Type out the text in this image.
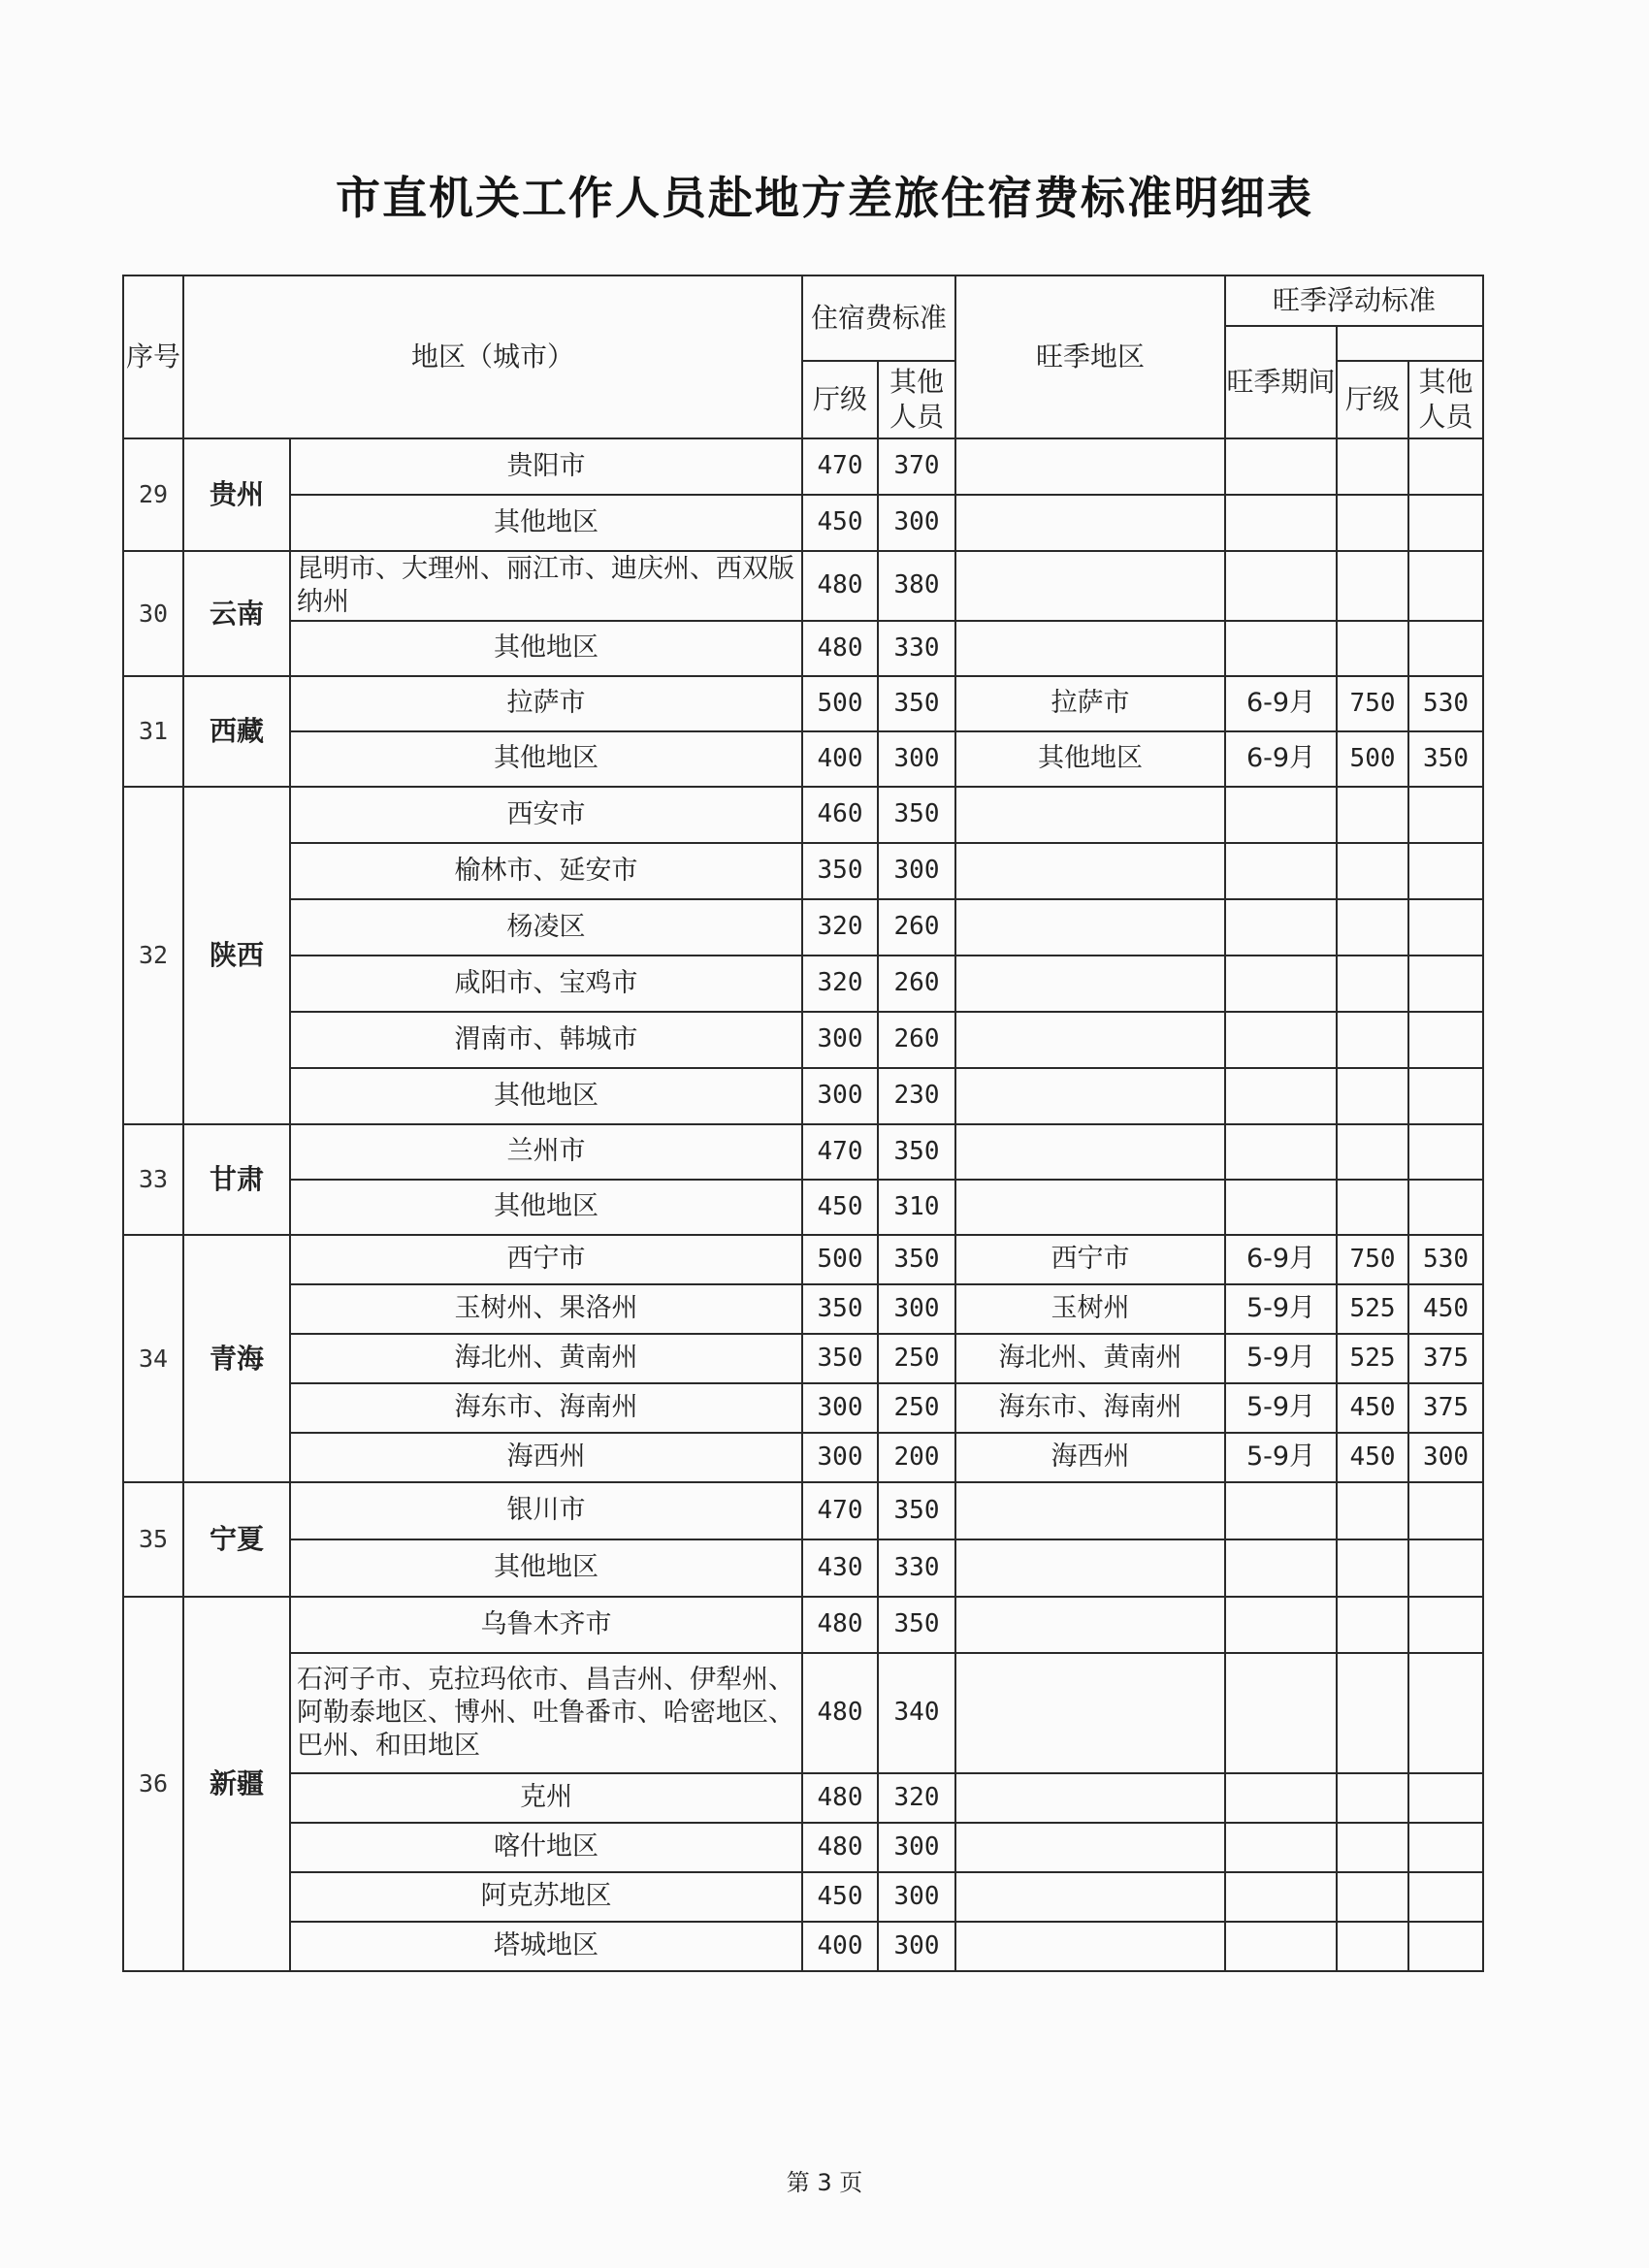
市直机关工作人员赴地方差旅住宿费标准明细表
序号	地区（城市）		住宿费标准		旺季地区	旺季浮动标准		
						旺季期间		
			厅级	其他人员			厅级	其他人员
29	贵州	贵阳市	470	370				
		其他地区	450	300				
30	云南	昆明市、大理州、丽江市、迪庆州、西双版纳州	480	380				
		其他地区	480	330				
31	西藏	拉萨市	500	350	拉萨市	6-9月	750	530
		其他地区	400	300	其他地区	6-9月	500	350
32	陕西	西安市	460	350				
		榆林市、延安市	350	300				
		杨凌区	320	260				
		咸阳市、宝鸡市	320	260				
		渭南市、韩城市	300	260				
		其他地区	300	230				
33	甘肃	兰州市	470	350				
		其他地区	450	310				
34	青海	西宁市	500	350	西宁市	6-9月	750	530
		玉树州、果洛州	350	300	玉树州	5-9月	525	450
		海北州、黄南州	350	250	海北州、黄南州	5-9月	525	375
		海东市、海南州	300	250	海东市、海南州	5-9月	450	375
		海西州	300	200	海西州	5-9月	450	300
35	宁夏	银川市	470	350				
		其他地区	430	330				
36	新疆	乌鲁木齐市	480	350				
		石河子市、克拉玛依市、昌吉州、伊犁州、阿勒泰地区、博州、吐鲁番市、哈密地区、巴州、和田地区	480	340				
		克州	480	320				
		喀什地区	480	300				
		阿克苏地区	450	300				
		塔城地区	400	300				
第 3 页
